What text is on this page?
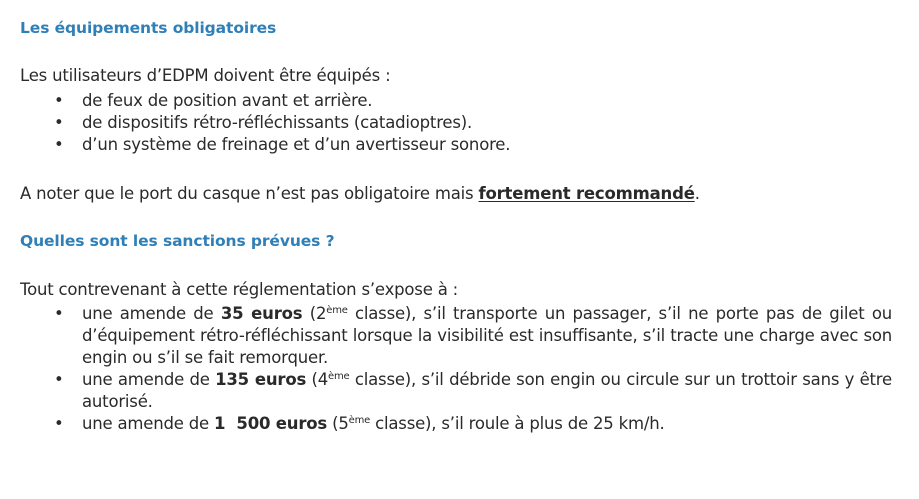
Les équipements obligatoires

Les utilisateurs d’EDPM doivent être équipés :

• de feux de position avant et arrière.
• de dispositifs rétro-réfléchissants (catadioptres).
• d’un système de freinage et d’un avertisseur sonore.

A noter que le port du casque n’est pas obligatoire mais fortement recommandé.

Quelles sont les sanctions prévues ?

Tout contrevenant à cette réglementation s’expose à :

• une amende de 35 euros (2ème classe), s’il transporte un passager, s’il ne porte pas de gilet ou d’équipement rétro-réfléchissant lorsque la visibilité est insuffisante, s’il tracte une charge avec son engin ou s’il se fait remorquer.
• une amende de 135 euros (4ème classe), s’il débride son engin ou circule sur un trottoir sans y être autorisé.
• une amende de 1  500 euros (5ème classe), s’il roule à plus de 25 km/h.
